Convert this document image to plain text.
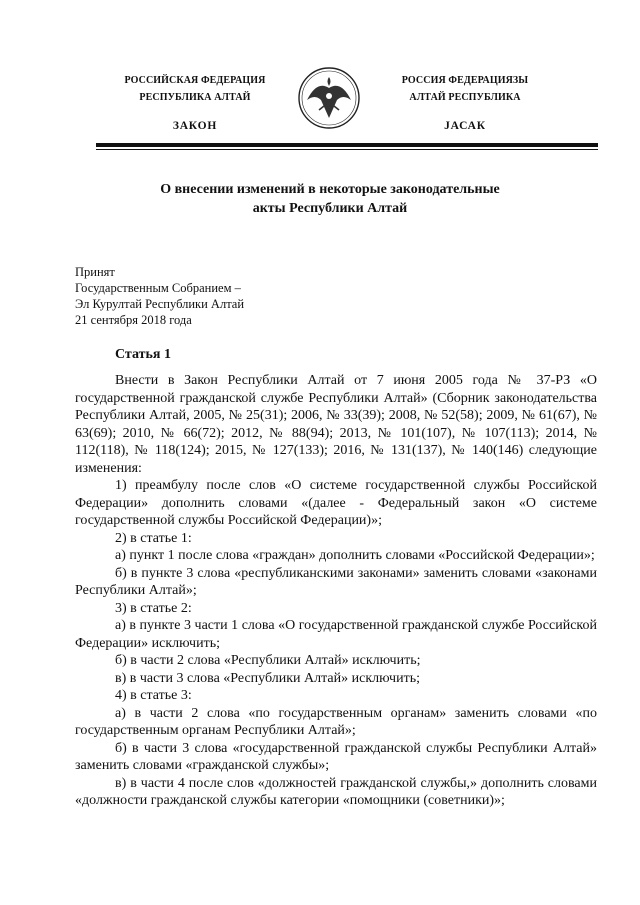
РОССИЙСКАЯ ФЕДЕРАЦИЯ
РЕСПУБЛИКА АЛТАЙ
ЗАКОН
РОССИЯ ФЕДЕРАЦИЯЗЫ
АЛТАЙ РЕСПУБЛИКА
ЈАСАК
О внесении изменений в некоторые законодательные
акты Республики Алтай
Принят
Государственным Собранием –
Эл Курултай Республики Алтай
21 сентября 2018 года
Статья 1

Внести в Закон Республики Алтай от 7 июня 2005 года № 37-РЗ «О государственной гражданской службе Республики Алтай» (Сборник законодательства Республики Алтай, 2005, № 25(31); 2006, № 33(39); 2008, № 52(58); 2009, № 61(67), № 63(69); 2010, № 66(72); 2012, № 88(94); 2013, № 101(107), № 107(113); 2014, № 112(118), № 118(124); 2015, № 127(133); 2016, № 131(137), № 140(146) следующие изменения:

1) преамбулу после слов «О системе государственной службы Российской Федерации» дополнить словами «(далее - Федеральный закон «О системе государственной службы Российской Федерации)»;

2) в статье 1:

а) пункт 1 после слова «граждан» дополнить словами «Российской Федерации»;

б) в пункте 3 слова «республиканскими законами» заменить словами «законами Республики Алтай»;

3) в статье 2:

а) в пункте 3 части 1 слова «О государственной гражданской службе Российской Федерации» исключить;

б) в части 2 слова «Республики Алтай» исключить;

в) в части 3 слова «Республики Алтай» исключить;

4) в статье 3:

а) в части 2 слова «по государственным органам» заменить словами «по государственным органам Республики Алтай»;

б) в части 3 слова «государственной гражданской службы Республики Алтай» заменить словами «гражданской службы»;

в) в части 4 после слов «должностей гражданской службы,» дополнить словами «должности гражданской службы категории «помощники (советники)»;
